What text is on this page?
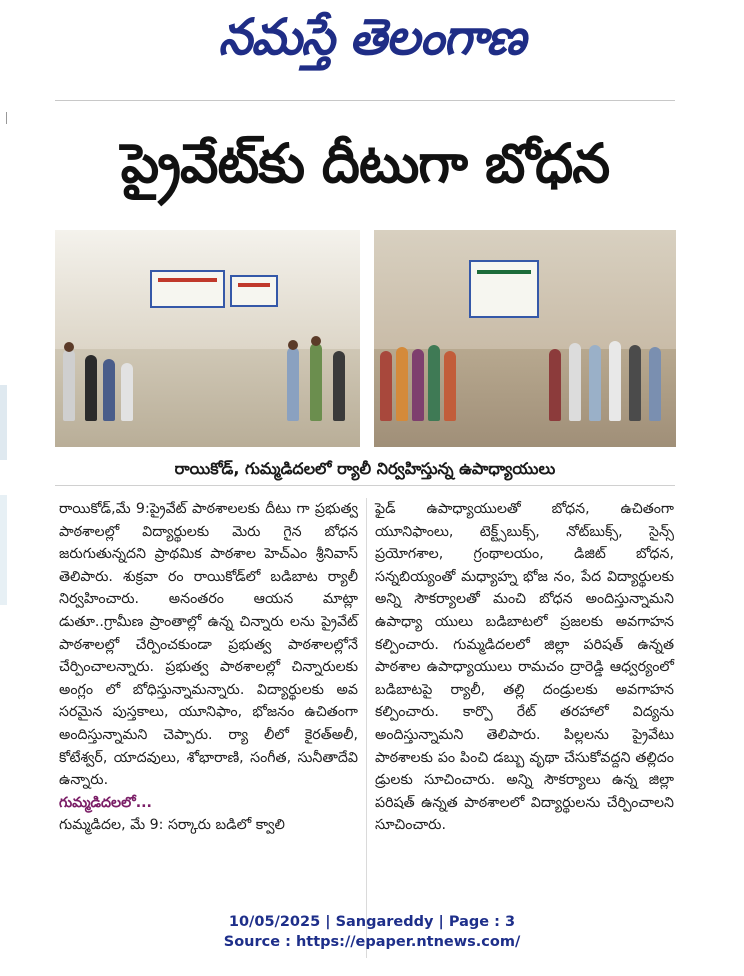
నమస్తే తెలంగాణ
ప్రైవేట్‌కు దీటుగా బోధన
రాయికోడ్‌, గుమ్మడిదలలో ర్యాలీ నిర్వహిస్తున్న ఉపాధ్యాయులు
రాయికోడ్‌,మే 9:ప్రైవేట్ పాఠశాలలకు దీటు గా ప్రభుత్వ పాఠశాలల్లో విద్యార్థులకు మెరు గైన బోధన జరుగుతున్నదని ప్రాథమిక పాఠశాల హెచ్‌ఎం శ్రీనివాస్‌ తెలిపారు. శుక్రవా రం రాయికోడ్‌లో బడిబాట ర్యాలీ నిర్వహించారు. అనంతరం ఆయన మాట్లా డుతూ..గ్రామీణ ప్రాంతాల్లో ఉన్న చిన్నారు లను ప్రైవేట్ పాఠశాలల్లో చేర్పించకుండా ప్రభుత్వ పాఠశాలల్లోనే చేర్పించాలన్నారు. ప్రభుత్వ పాఠశాలల్లో చిన్నారులకు అంగ్లం లో బోధిస్తున్నామన్నారు. విద్యార్థులకు అవ సరమైన పుస్తకాలు, యూనిఫాం, భోజనం ఉచితంగా అందిస్తున్నామని చెప్పారు. ర్యా లీలో కైరత్‌అలీ, కోటేశ్వర్‌, యాదవులు, శోభారాణి, సంగీత, సునీతాదేవి ఉన్నారు.
గుమ్మడిదలలో...
గుమ్మడిదల, మే 9: సర్కారు బడిలో క్వాలి
ఫైడ్ ఉపాధ్యాయులతో బోధన, ఉచితంగా యూనిఫాంలు, టెక్ట్స్‌బుక్స్‌, నోట్‌బుక్స్‌, సైన్స్ ప్రయోగశాల, గ్రంథాలయం, డిజిట్ బోధన, సన్నబియ్యంతో మధ్యాహ్న భోజ నం, పేద విద్యార్థులకు అన్ని సౌకర్యాలతో మంచి బోధన అందిస్తున్నామని ఉపాధ్యా యులు బడిబాటలో ప్రజలకు అవగాహన కల్పించారు. గుమ్మడిదలలో జిల్లా పరిషత్‌ ఉన్నత పాఠశాల ఉపాధ్యాయులు రామచం ద్రారెడ్డి ఆధ్వర్యంలో బడిబాటపై ర్యాలీ, తల్లి దండ్రులకు అవగాహన కల్పించారు. కార్పొ రేట్ తరహాలో విద్యను అందిస్తున్నామని తెలిపారు. పిల్లలను ప్రైవేటు పాఠశాలకు పం పించి డబ్బు వృథా చేసుకోవద్దని తల్లిదం డ్రులకు సూచించారు. అన్ని సౌకర్యాలు ఉన్న జిల్లా పరిషత్‌ ఉన్నత పాఠశాలలో విద్యార్థులను చేర్పించాలని సూచించారు.
10/05/2025 | Sangareddy | Page : 3
Source : https://epaper.ntnews.com/
